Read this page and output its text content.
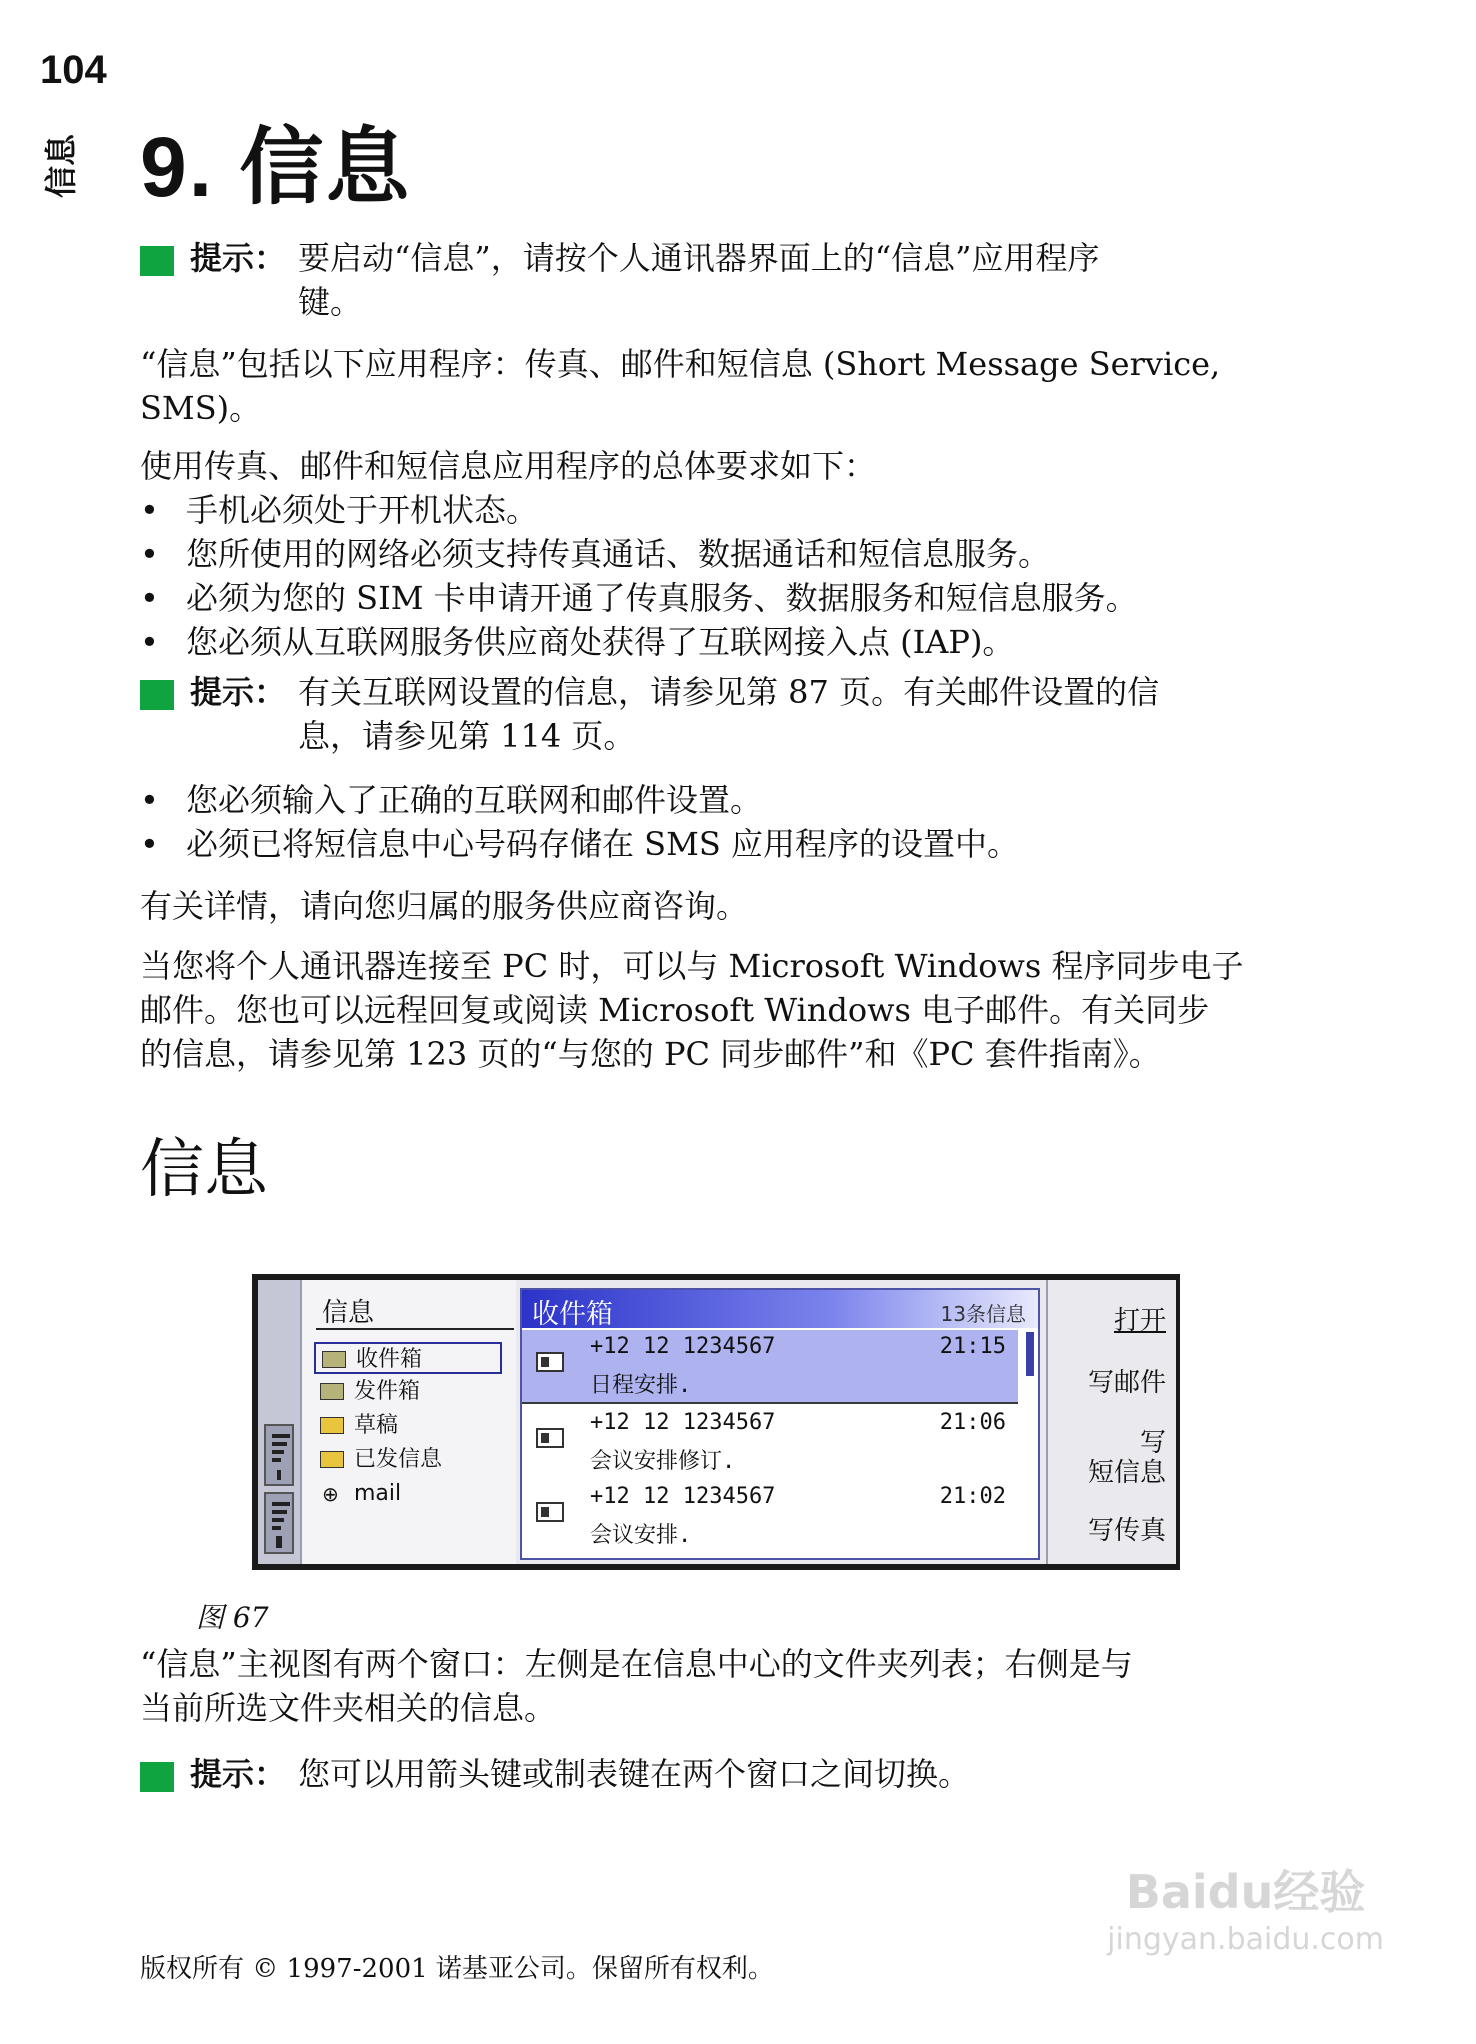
104
信息 9. 信息
提示： 要启动“信息”，请按个人通讯器界面上的“信息”应用程序
键。
“信息”包括以下应用程序：传真、邮件和短信息 (Short Message Service,
SMS)。
使用传真、邮件和短信息应用程序的总体要求如下：
• 手机必须处于开机状态。
• 您所使用的网络必须支持传真通话、数据通话和短信息服务。
• 必须为您的 SIM 卡申请开通了传真服务、数据服务和短信息服务。
• 您必须从互联网服务供应商处获得了互联网接入点 (IAP)。
提示： 有关互联网设置的信息，请参见第 87 页。有关邮件设置的信
息，请参见第 114 页。
• 您必须输入了正确的互联网和邮件设置。
• 必须已将短信息中心号码存储在 SMS 应用程序的设置中。
有关详情，请向您归属的服务供应商咨询。
当您将个人通讯器连接至 PC 时，可以与 Microsoft Windows 程序同步电子
邮件。您也可以远程回复或阅读 Microsoft Windows 电子邮件。有关同步
的信息，请参见第 123 页的“与您的 PC 同步邮件”和《PC 套件指南》。
信息
信息
收件箱
发件箱
草稿
已发信息
⊕ mail
收件箱	13条信息
+12 12 1234567	21:15
日程安排.
+12 12 1234567	21:06
会议安排修订.
+12 12 1234567	21:02
会议安排.
打开
写邮件
写
短信息
写传真
图 67
“信息”主视图有两个窗口：左侧是在信息中心的文件夹列表；右侧是与
当前所选文件夹相关的信息。
提示： 您可以用箭头键或制表键在两个窗口之间切换。
Baidu经验
jingyan.baidu.com
版权所有 © 1997-2001 诺基亚公司。保留所有权利。
